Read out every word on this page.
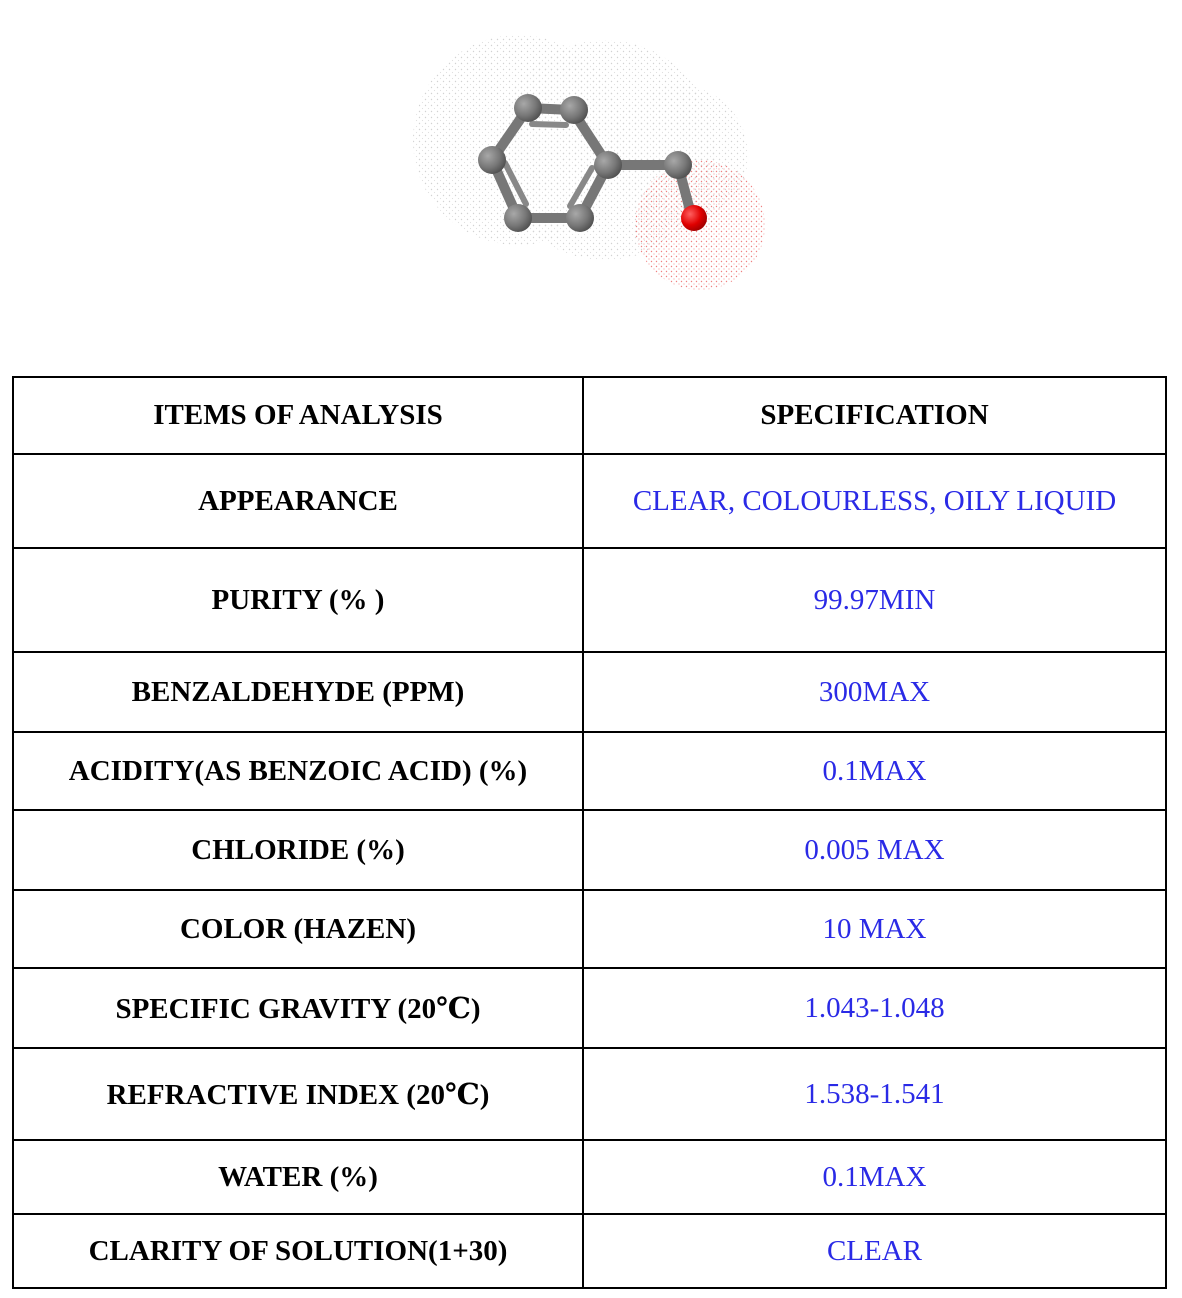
ITEMS OF ANALYSIS	SPECIFICATION
APPEARANCE	CLEAR, COLOURLESS, OILY LIQUID
PURITY (% )	99.97MIN
BENZALDEHYDE (PPM)	300MAX
ACIDITY(AS BENZOIC ACID) (%)	0.1MAX
CHLORIDE (%)	0.005 MAX
COLOR (HAZEN)	10 MAX
SPECIFIC GRAVITY (20℃)	1.043-1.048
REFRACTIVE INDEX (20℃)	1.538-1.541
WATER (%)	0.1MAX
CLARITY OF SOLUTION(1+30)	CLEAR
